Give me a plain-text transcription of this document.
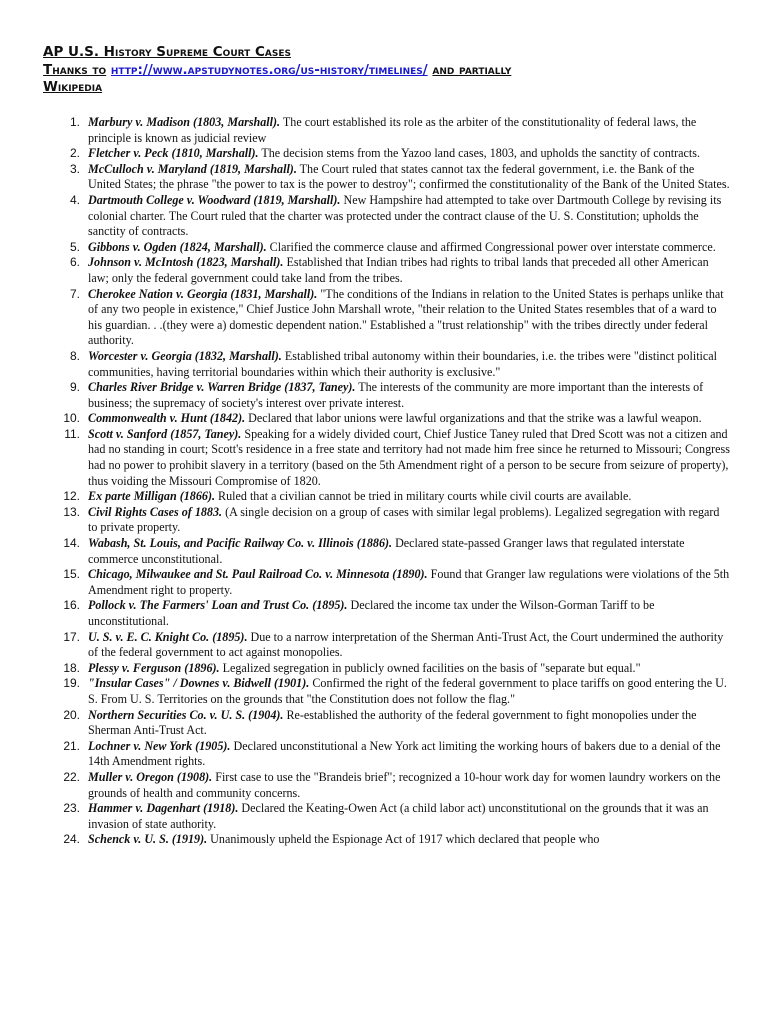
AP U.S. History Supreme Court Cases
Thanks to http://www.apstudynotes.org/us-history/timelines/ and partially
Wikipedia
1. Marbury v. Madison (1803, Marshall). The court established its role as the arbiter of the constitutionality of federal laws, the principle is known as judicial review
2. Fletcher v. Peck (1810, Marshall). The decision stems from the Yazoo land cases, 1803, and upholds the sanctity of contracts.
3. McCulloch v. Maryland (1819, Marshall). The Court ruled that states cannot tax the federal government, i.e. the Bank of the United States; the phrase "the power to tax is the power to destroy"; confirmed the constitutionality of the Bank of the United States.
4. Dartmouth College v. Woodward (1819, Marshall). New Hampshire had attempted to take over Dartmouth College by revising its colonial charter. The Court ruled that the charter was protected under the contract clause of the U. S. Constitution; upholds the sanctity of contracts.
5. Gibbons v. Ogden (1824, Marshall). Clarified the commerce clause and affirmed Congressional power over interstate commerce.
6. Johnson v. McIntosh (1823, Marshall). Established that Indian tribes had rights to tribal lands that preceded all other American law; only the federal government could take land from the tribes.
7. Cherokee Nation v. Georgia (1831, Marshall). "The conditions of the Indians in relation to the United States is perhaps unlike that of any two people in existence," Chief Justice John Marshall wrote, "their relation to the United States resembles that of a ward to his guardian. . .(they were a) domestic dependent nation." Established a "trust relationship" with the tribes directly under federal authority.
8. Worcester v. Georgia (1832, Marshall). Established tribal autonomy within their boundaries, i.e. the tribes were "distinct political communities, having territorial boundaries within which their authority is exclusive."
9. Charles River Bridge v. Warren Bridge (1837, Taney). The interests of the community are more important than the interests of business; the supremacy of society's interest over private interest.
10. Commonwealth v. Hunt (1842). Declared that labor unions were lawful organizations and that the strike was a lawful weapon.
11. Scott v. Sanford (1857, Taney). Speaking for a widely divided court, Chief Justice Taney ruled that Dred Scott was not a citizen and had no standing in court; Scott's residence in a free state and territory had not made him free since he returned to Missouri; Congress had no power to prohibit slavery in a territory (based on the 5th Amendment right of a person to be secure from seizure of property), thus voiding the Missouri Compromise of 1820.
12. Ex parte Milligan (1866). Ruled that a civilian cannot be tried in military courts while civil courts are available.
13. Civil Rights Cases of 1883. (A single decision on a group of cases with similar legal problems). Legalized segregation with regard to private property.
14. Wabash, St. Louis, and Pacific Railway Co. v. Illinois (1886). Declared state-passed Granger laws that regulated interstate commerce unconstitutional.
15. Chicago, Milwaukee and St. Paul Railroad Co. v. Minnesota (1890). Found that Granger law regulations were violations of the 5th Amendment right to property.
16. Pollock v. The Farmers' Loan and Trust Co. (1895). Declared the income tax under the Wilson-Gorman Tariff to be unconstitutional.
17. U. S. v. E. C. Knight Co. (1895). Due to a narrow interpretation of the Sherman Anti-Trust Act, the Court undermined the authority of the federal government to act against monopolies.
18. Plessy v. Ferguson (1896). Legalized segregation in publicly owned facilities on the basis of "separate but equal."
19. "Insular Cases" / Downes v. Bidwell (1901). Confirmed the right of the federal government to place tariffs on good entering the U. S. From U. S. Territories on the grounds that "the Constitution does not follow the flag."
20. Northern Securities Co. v. U. S. (1904). Re-established the authority of the federal government to fight monopolies under the Sherman Anti-Trust Act.
21. Lochner v. New York (1905). Declared unconstitutional a New York act limiting the working hours of bakers due to a denial of the 14th Amendment rights.
22. Muller v. Oregon (1908). First case to use the "Brandeis brief"; recognized a 10-hour work day for women laundry workers on the grounds of health and community concerns.
23. Hammer v. Dagenhart (1918). Declared the Keating-Owen Act (a child labor act) unconstitutional on the grounds that it was an invasion of state authority.
24. Schenck v. U. S. (1919). Unanimously upheld the Espionage Act of 1917 which declared that people who
